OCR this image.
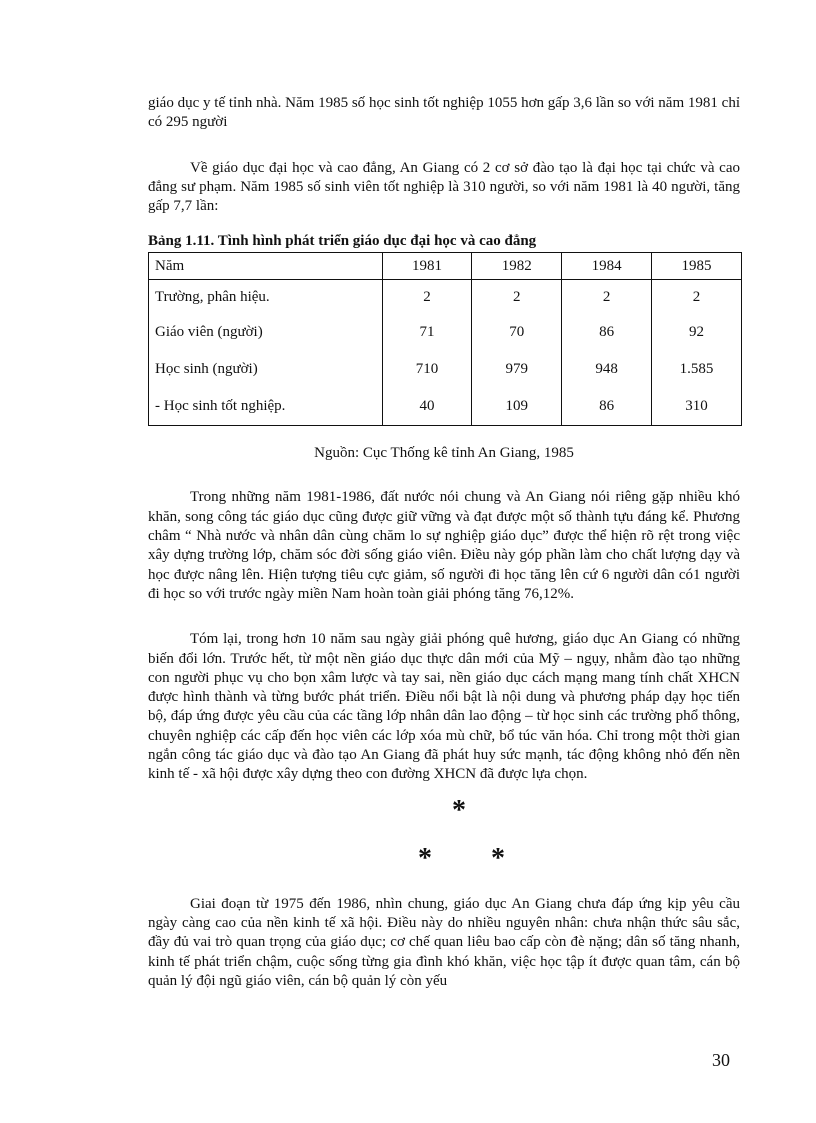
giáo dục y tế tỉnh nhà. Năm 1985 số học sinh tốt nghiệp 1055 hơn gấp 3,6 lần so với năm 1981 chỉ có 295 người

Về giáo dục đại học và cao đẳng, An Giang có 2 cơ sở đào tạo là đại học tại chức và cao đẳng sư phạm. Năm 1985 số sinh viên tốt nghiệp là 310 người, so với năm 1981 là 40 người, tăng gấp 7,7 lần:

Bảng 1.11. Tình hình phát triển giáo dục đại học và cao đẳng
Năm	1981	1982	1984	1985
Trường, phân hiệu.	2	2	2	2
Giáo viên (người)	71	70	86	92
Học sinh (người)	710	979	948	1.585
- Học sinh tốt nghiệp.	40	109	86	310
Nguồn: Cục Thống kê tỉnh An Giang, 1985

Trong những năm 1981-1986, đất nước nói chung và An Giang nói riêng gặp nhiều khó khăn, song công tác giáo dục cũng được giữ vững và đạt được một số thành tựu đáng kể. Phương châm “ Nhà nước và nhân dân cùng chăm lo sự nghiệp giáo dục” được thể hiện rõ rệt trong việc xây dựng trường lớp, chăm sóc đời sống giáo viên. Điều này góp phần làm cho chất lượng dạy và học được nâng lên. Hiện tượng tiêu cực giảm, số người đi học tăng lên cứ 6 người dân có1 người đi học so với trước ngày miền Nam hoàn toàn giải phóng tăng 76,12%.

Tóm lại, trong hơn 10 năm sau ngày giải phóng quê hương, giáo dục An Giang có những biến đổi lớn. Trước hết, từ một nền giáo dục thực dân mới của Mỹ – ngụy, nhằm đào tạo những con người phục vụ cho bọn xâm lược và tay sai, nền giáo dục cách mạng mang tính chất XHCN được hình thành và từng bước phát triển. Điều nổi bật là nội dung và phương pháp dạy học tiến bộ, đáp ứng được yêu cầu của các tầng lớp nhân dân lao động – từ học sinh các trường phổ thông, chuyên nghiệp các cấp đến học viên các lớp xóa mù chữ, bổ túc văn hóa. Chỉ trong một thời gian ngắn công tác giáo dục và đào tạo An Giang đã phát huy sức mạnh, tác động không nhỏ đến nền kinh tế - xã hội được xây dựng theo con đường XHCN đã được lựa chọn.

*
* *

Giai đoạn từ 1975 đến 1986, nhìn chung, giáo dục An Giang chưa đáp ứng kịp yêu cầu ngày càng cao của nền kinh tế xã hội. Điều này do nhiều nguyên nhân: chưa nhận thức sâu sắc, đầy đủ vai trò quan trọng của giáo dục; cơ chế quan liêu bao cấp còn đè nặng; dân số tăng nhanh, kinh tế phát triển chậm, cuộc sống từng gia đình khó khăn, việc học tập ít được quan tâm, cán bộ quản lý đội ngũ giáo viên, cán bộ quản lý còn yếu

30
